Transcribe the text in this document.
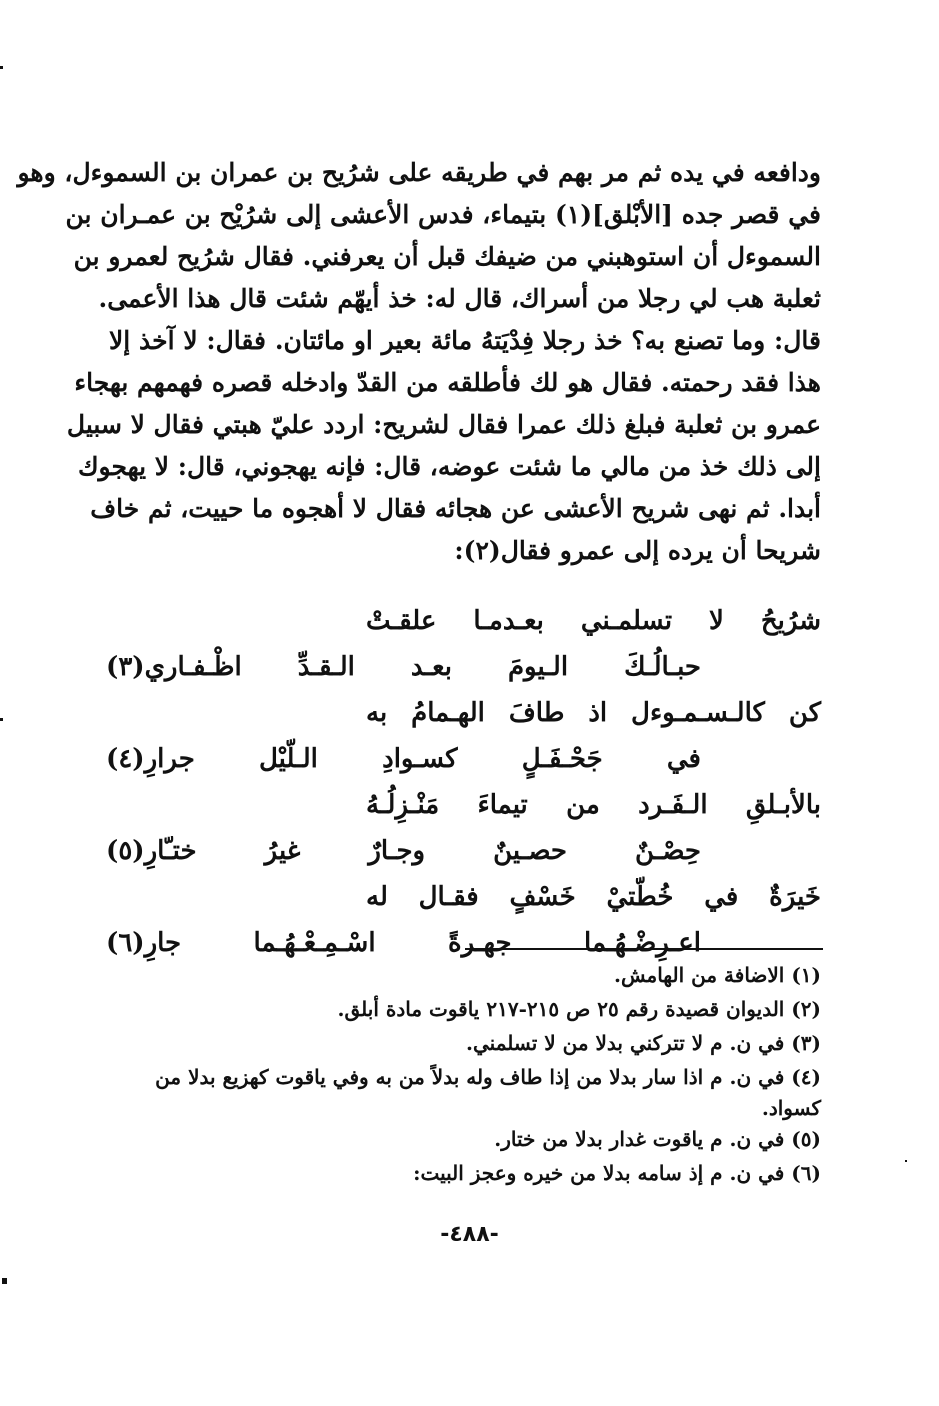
ودافعه في يده ثم مر بهم في طريقه على شرُيح بن عمران بن السموءل، وهو
في قصر جده [الأبْلق](١) بتيماء، فدس الأعشى إلى شرُيْح بن عمـران بن
السموءل أن استوهبني من ضيفك قبل أن يعرفني. فقال شرُيح لعمرو بن
ثعلبة هب لي رجلا من أسراك، قال له: خذ أيهّم شئت قال هذا الأعمى.
قال: وما تصنع به؟ خذ رجلا فِدْيَتهُ مائة بعير او مائتان. فقال: لا آخذ إلا
هذا فقد رحمته. فقال هو لك فأطلقه من القدّ وادخله قصره فهمهم بهجاء
عمرو بن ثعلبة فبلغ ذلك عمرا فقال لشريح: اردد عليّ هبتي فقال لا سبيل
إلى ذلك خذ من مالي ما شئت عوضه، قال: فإنه يهجوني، قال: لا يهجوك
أبدا. ثم نهى شريح الأعشى عن هجائه فقال لا أهجوه ما حييت، ثم خاف
شريحا أن يرده إلى عمرو فقال(٢):
شرُيحُ لا تسلمـني بعـدمـا علقـتْ
حبـالُـكَ الـيومَ بعـد الـقـدِّ اظْـفـاري(٣)
كن كالـسـمـوءل اذ طافَ الهـمامُ به
في جَحْـفَـلٍ كسـوادِ الـلّيْل جرارِ(٤)
بالأبـلقِ الـفَـرد من تيماءَ مَنْـزِلُـهُ
حِصْـنٌ حصـينٌ وجـارٌ غيرُ ختـّارِ(٥)
خَيرَةٌ في خُطّتيْ خَسْفٍ فقـال له
اعـرِضْـهُـما جهـرةً اسْـمِـعْـهُـما جارِ(٦)
(١) الاضافة من الهامش.
(٢) الديوان قصيدة رقم ٢٥ ص ٢١٥-٢١٧ ياقوت مادة أبلق.
(٣) في ن. م لا تتركني بدلا من لا تسلمني.
(٤) في ن. م اذا سار بدلا من إذا طاف وله بدلاً من به وفي ياقوت كهزيع بدلا من كسواد.
(٥) في ن. م ياقوت غدار بدلا من ختار.
(٦) في ن. م إذ سامه بدلا من خيره وعجز البيت:
-٤٨٨-
